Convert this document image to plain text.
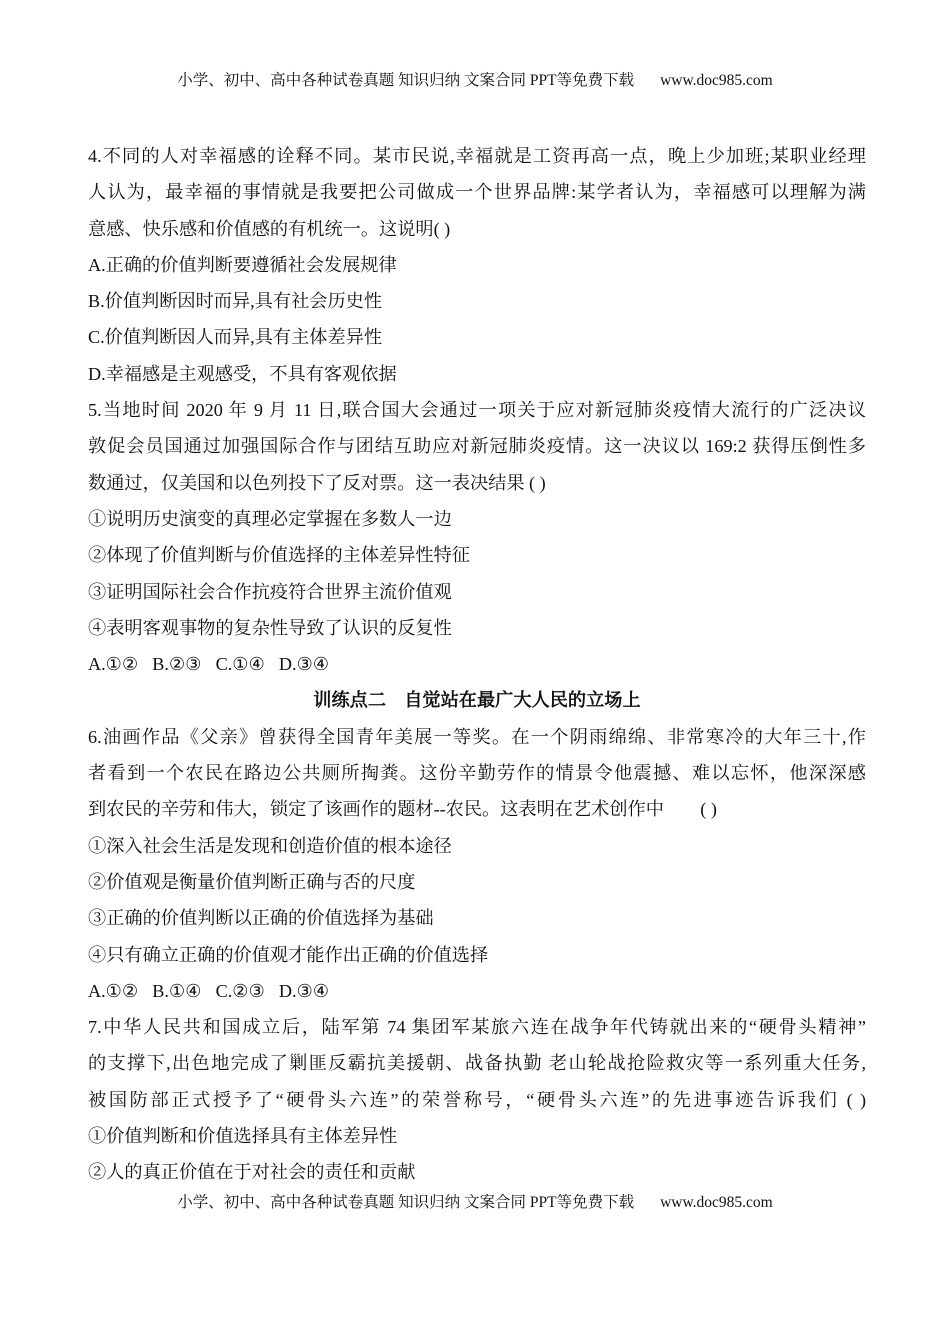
小学、初中、高中各种试卷真题 知识归纳 文案合同 PPT等免费下载 www.doc985.com
4.不同的人对幸福感的诠释不同。某市民说,幸福就是工资再高一点，晚上少加班;某职业经理
人认为，最幸福的事情就是我要把公司做成一个世界品牌:某学者认为，幸福感可以理解为满
意感、快乐感和价值感的有机统一。这说明( )
A.正确的价值判断要遵循社会发展规律
B.价值判断因时而异,具有社会历史性
C.价值判断因人而异,具有主体差异性
D.幸福感是主观感受，不具有客观依据
5.当地时间 2020 年 9 月 11 日,联合国大会通过一项关于应对新冠肺炎疫情大流行的广泛决议
敦促会员国通过加强国际合作与团结互助应对新冠肺炎疫情。这一决议以 169:2 获得压倒性多
数通过，仅美国和以色列投下了反对票。这一表决结果 ( )
①说明历史演变的真理必定掌握在多数人一边
②体现了价值判断与价值选择的主体差异性特征
③证明国际社会合作抗疫符合世界主流价值观
④表明客观事物的复杂性导致了认识的反复性
A.①② B.②③ C.①④ D.③④
训练点二　自觉站在最广大人民的立场上
6.油画作品《父亲》曾获得全国青年美展一等奖。在一个阴雨绵绵、非常寒冷的大年三十,作
者看到一个农民在路边公共厕所掏粪。这份辛勤劳作的情景令他震撼、难以忘怀，他深深感
到农民的辛劳和伟大，锁定了该画作的题材--农民。这表明在艺术创作中　　( )
①深入社会生活是发现和创造价值的根本途径
②价值观是衡量价值判断正确与否的尺度
③正确的价值判断以正确的价值选择为基础
④只有确立正确的价值观才能作出正确的价值选择
A.①② B.①④ C.②③ D.③④
7.中华人民共和国成立后，陆军第 74 集团军某旅六连在战争年代铸就出来的“硬骨头精神”
的支撑下,出色地完成了剿匪反霸抗美援朝、战备执勤 老山轮战抢险救灾等一系列重大任务,
被国防部正式授予了“硬骨头六连”的荣誉称号，“硬骨头六连”的先进事迹告诉我们 ( )
①价值判断和价值选择具有主体差异性
②人的真正价值在于对社会的责任和贡献
小学、初中、高中各种试卷真题 知识归纳 文案合同 PPT等免费下载 www.doc985.com
